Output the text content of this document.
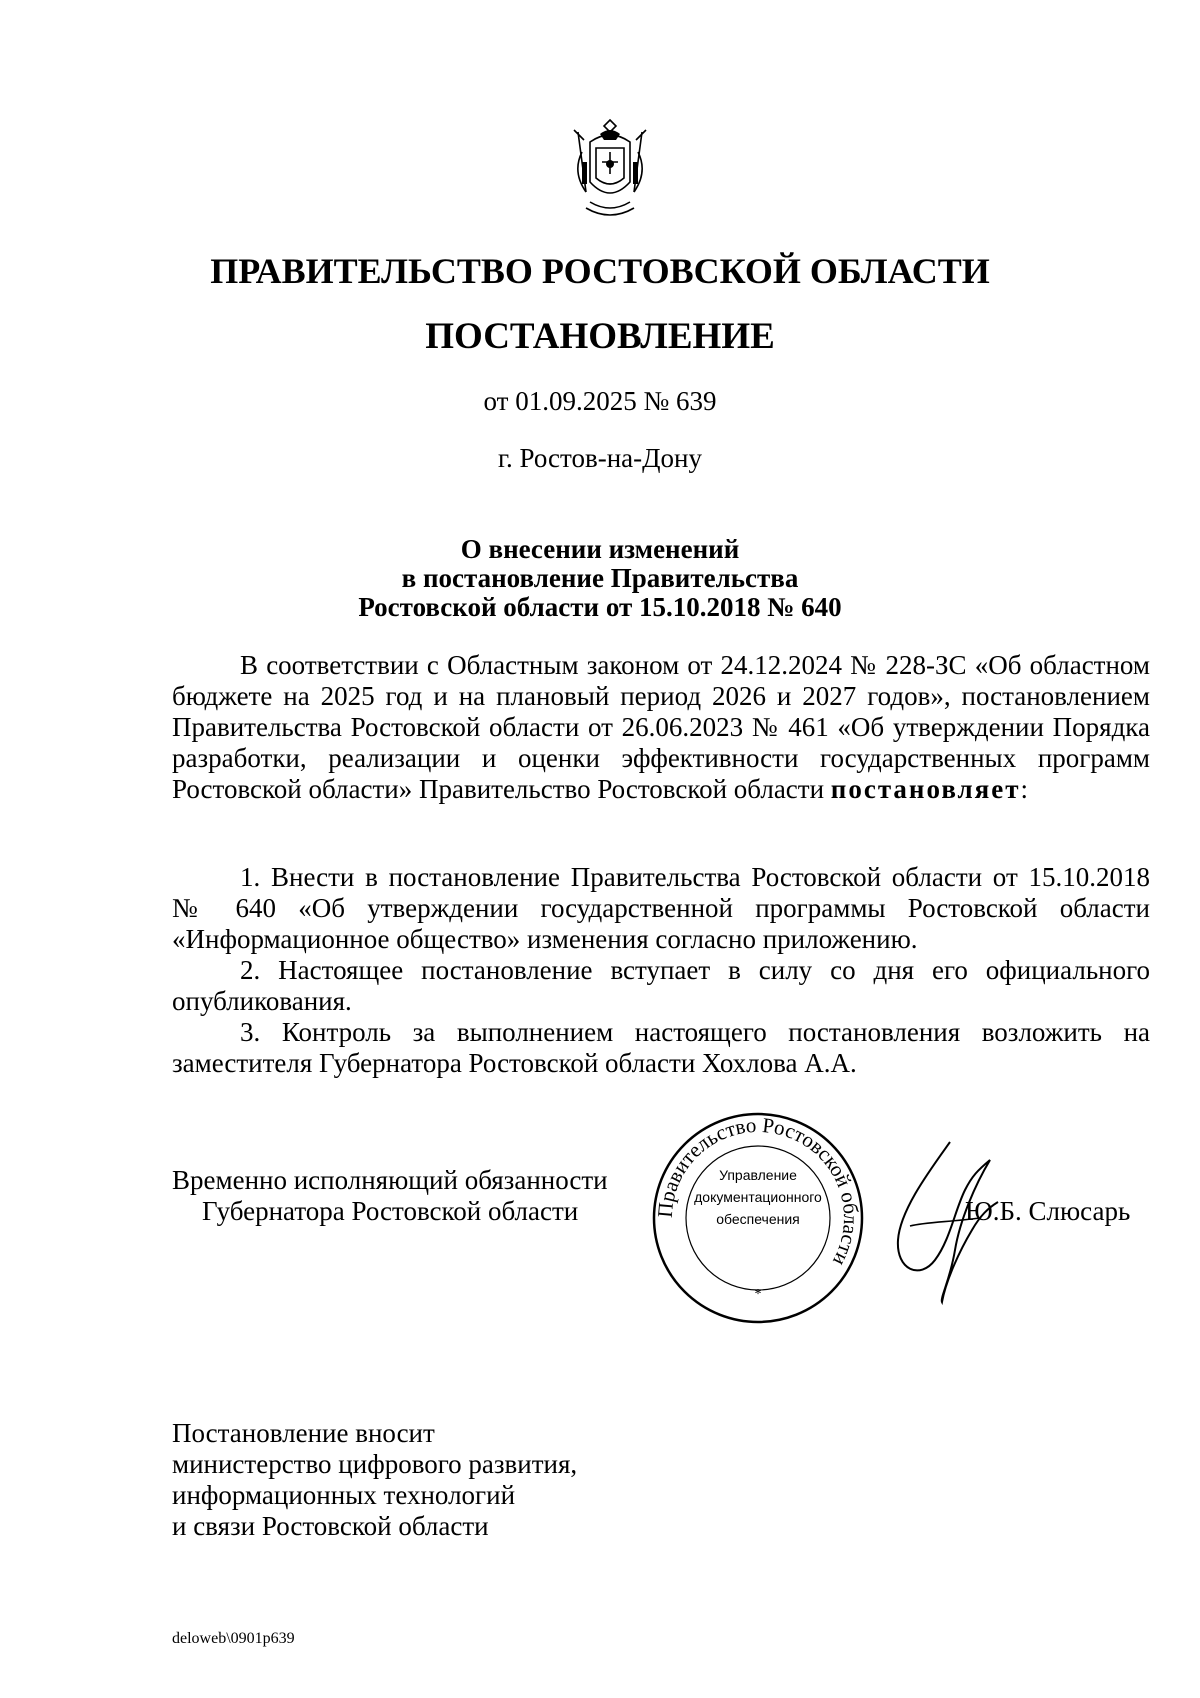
ПРАВИТЕЛЬСТВО РОСТОВСКОЙ ОБЛАСТИ
ПОСТАНОВЛЕНИЕ
от 01.09.2025 № 639
г. Ростов-на-Дону
О внесении изменений
в постановление Правительства
Ростовской области от 15.10.2018 № 640

В соответствии с Областным законом от 24.12.2024 № 228-ЗС «Об областном бюджете на 2025 год и на плановый период 2026 и 2027 годов», постановлением Правительства Ростовской области от 26.06.2023 № 461 «Об утверждении Порядка разработки, реализации и оценки эффективности государственных программ Ростовской области» Правительство Ростовской области постановляет:

1. Внести в постановление Правительства Ростовской области от 15.10.2018 № 640 «Об утверждении государственной программы Ростовской области «Информационное общество» изменения согласно приложению.

2. Настоящее постановление вступает в силу со дня его официального опубликования.

3. Контроль за выполнением настоящего постановления возложить на заместителя Губернатора Ростовской области Хохлова А.А.

Временно исполняющий обязанности
Губернатора Ростовской области	Правительство Ростовской области
Управление
документационного
обеспечения
*
Ю.Б. Слюсарь
Постановление вносит
министерство цифрового развития,
информационных технологий
и связи Ростовской области
deloweb\0901p639
